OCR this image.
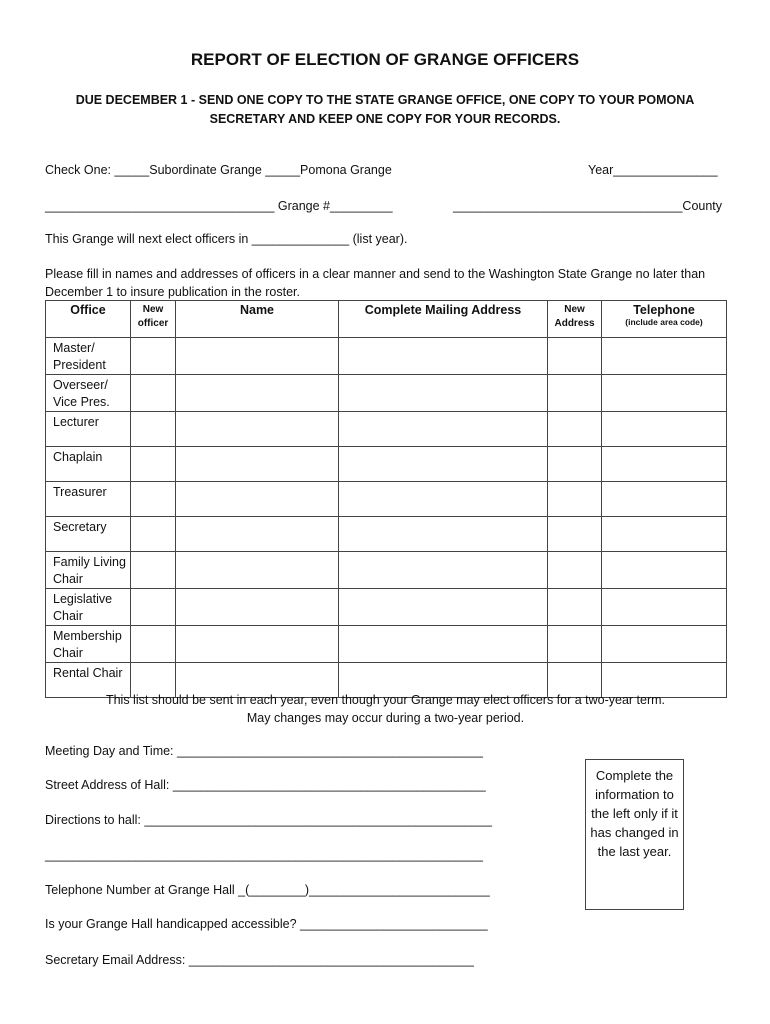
REPORT OF ELECTION OF GRANGE OFFICERS
DUE DECEMBER 1 - SEND ONE COPY TO THE STATE GRANGE OFFICE, ONE COPY TO YOUR POMONA SECRETARY AND KEEP ONE COPY FOR YOUR RECORDS.
Check One: _____Subordinate Grange _____Pomona Grange	Year_______________
_________________________________ Grange #_________	_________________________________County
This Grange will next elect officers in ______________ (list year).
Please fill in names and addresses of officers in a clear manner and send to the Washington State Grange no later than December 1 to insure publication in the roster.
Office	New officer	Name	Complete Mailing Address	New Address	Telephone
(include area code)

Master/ President					
Overseer/ Vice Pres.					
Lecturer					
Chaplain					
Treasurer					
Secretary					
Family Living Chair					
Legislative Chair					
Membership Chair					
Rental Chair					
This list should be sent in each year, even though your Grange may elect officers for a two-year term.
May changes may occur during a two-year period.
Meeting Day and Time: ____________________________________________
Street Address of Hall: _____________________________________________
Directions to hall: __________________________________________________
_______________________________________________________________
Telephone Number at Grange Hall _(________)__________________________
Is your Grange Hall handicapped accessible? ___________________________
Secretary Email Address: _________________________________________
Complete the information to the left only if it has changed in the last year.
